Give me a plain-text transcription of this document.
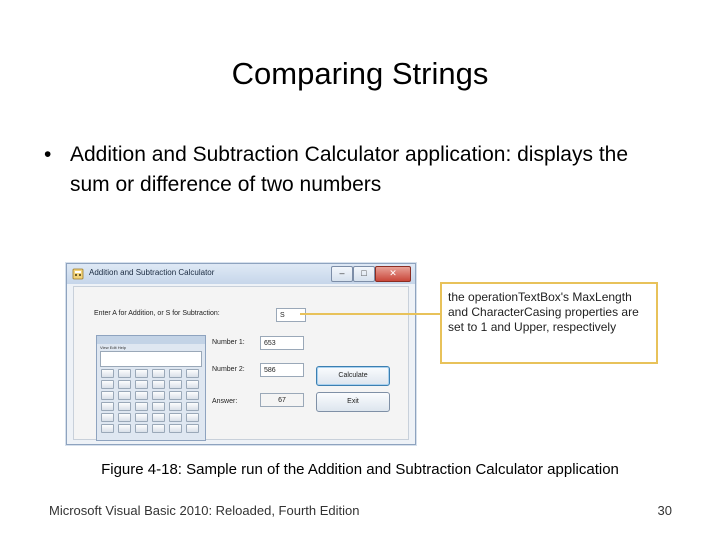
Comparing Strings
• Addition and Subtraction Calculator application: displays the sum or difference of two numbers
Addition and Subtraction Calculator	–	□	✕
Enter A for Addition, or S for Subtraction:	S
Number 1:	653
Number 2:	586
Answer:	67
Calculate
Exit
View Edit Help
the operationTextBox's MaxLength and CharacterCasing properties are set to 1 and Upper, respectively
Figure 4-18: Sample run of the Addition and Subtraction Calculator application
Microsoft Visual Basic 2010: Reloaded, Fourth Edition	30
